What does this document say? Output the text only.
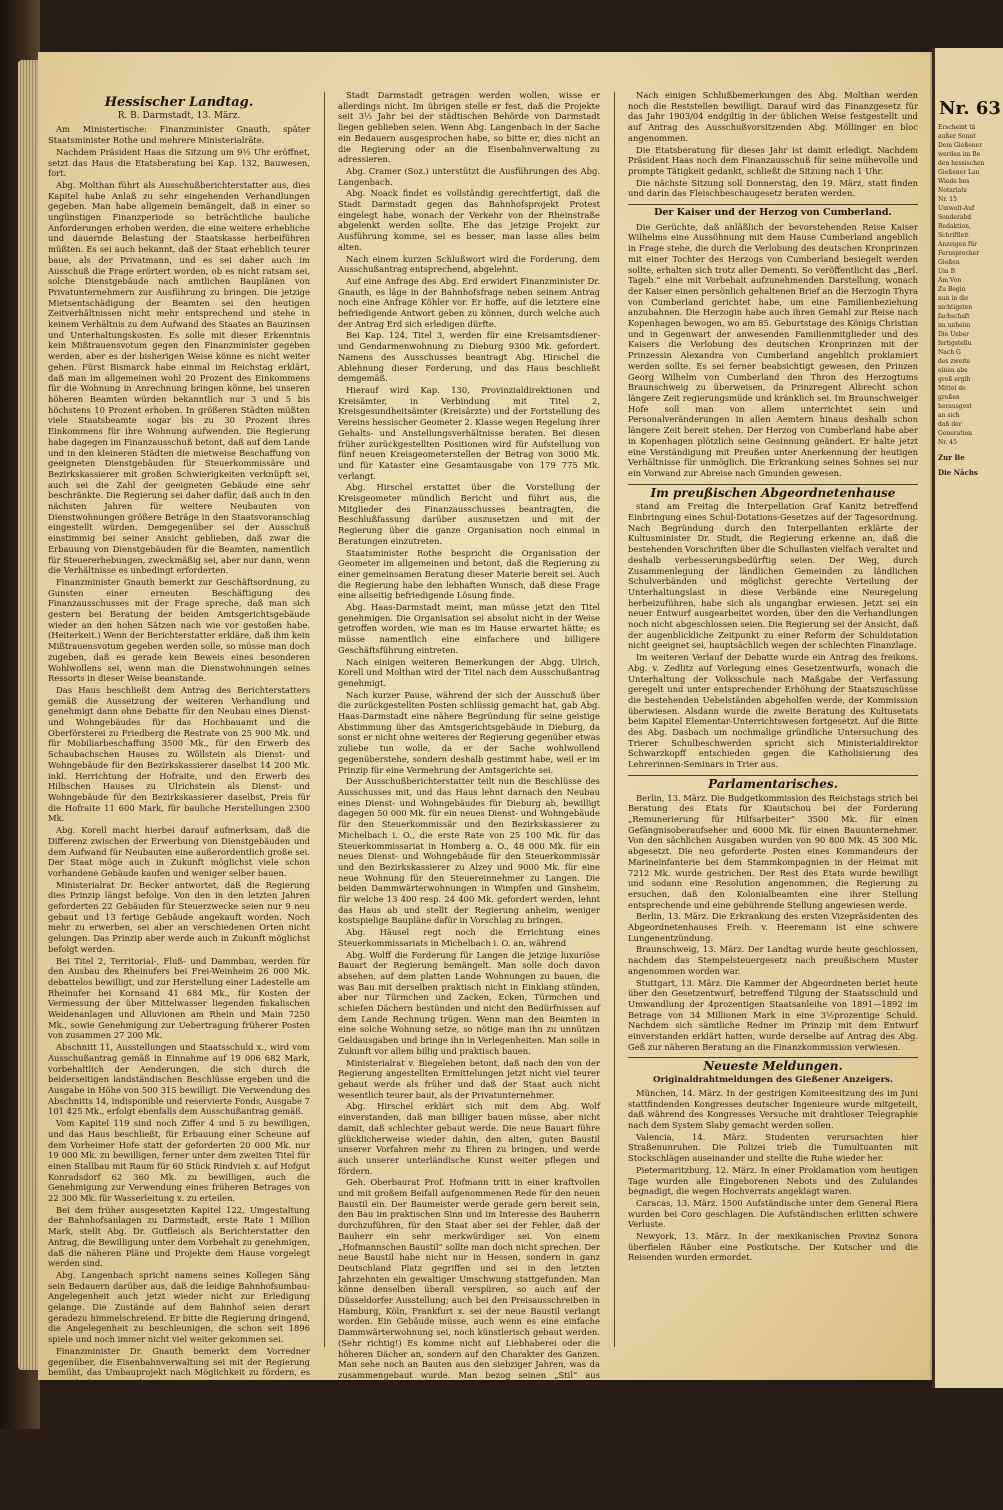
Hessischer Landtag.
R. B. Darmstadt, 13. März.

Am Ministertische: Finanzminister Gnauth, später Staatsminister Rothe und mehrere Ministerialräte.

Nachdem Präsident Haas die Sitzung um 9½ Uhr eröffnet, setzt das Haus die Etatsberatung bei Kap. 132, Bauwesen, fort.

Abg. Molthan führt als Ausschußberichterstatter aus, dies Kapitel habe Anlaß zu sehr eingehenden Verhandlungen gegeben. Man habe allgemein bemängelt, daß in einer so ungünstigen Finanzperiode so beträchtliche bauliche Anforderungen erhoben werden, die eine weitere erhebliche und dauernde Belastung der Staatskasse herbeiführen müßten. Es sei auch bekannt, daß der Staat erheblich teurer baue, als der Privatmann, und es sei daher auch im Ausschuß die Frage erörtert worden, ob es nicht ratsam sei, solche Dienstgebäude nach amtlichen Bauplänen von Privatunternehmern zur Ausführung zu bringen. Die jetzige Mietsentschädigung der Beamten sei den heutigen Zeitverhältnissen nicht mehr entsprechend und stehe in keinem Verhältnis zu dem Aufwand des Staates an Bauzinsen und Unterhaltungskosten. Es solle mit dieser Erkenntnis kein Mißtrauensvotum gegen den Finanzminister gegeben werden, aber es der bisherigen Weise könne es nicht weiter gehen. Fürst Bismarck habe einmal im Reichstag erklärt, daß man im allgemeinen wohl 20 Prozent des Einkommens für die Wohnung in Anrechnung bringen könne, bei unseren höheren Beamten würden bekanntlich nur 3 und 5 bis höchstens 10 Prozent erhoben. In größeren Städten müßten viele Staatsbeamte sogar bis zu 30 Prozent ihres Einkommens für ihre Wohnung aufwenden. Die Regierung habe dagegen im Finanzausschuß betont, daß auf dem Lande und in den kleineren Städten die mietweise Beschaffung von geeigneten Dienstgebäuden für Steuerkommissäre und Bezirkskassierer mit großen Schwierigkeiten verknüpft sei, auch sei die Zahl der geeigneten Gebäude eine sehr beschränkte. Die Regierung sei daher dafür, daß auch in den nächsten Jahren für weitere Neubauten von Dienstwohnungen größere Beträge in den Staatsvoranschlag eingestellt würden. Demgegenüber sei der Ausschuß einstimmig bei seiner Ansicht geblieben, daß zwar die Erbauung von Dienstgebäuden für die Beamten, namentlich für Steuererhebungen, zweckmäßig sei, aber nur dann, wenn die Verhältnisse es unbedingt erforderten.

Finanzminister Gnauth bemerkt zur Geschäftsordnung, zu Gunsten einer erneuten Beschäftigung des Finanzausschusses mit der Frage spreche, daß man sich gestern bei Beratung der beiden Amtsgerichtsgebäude wieder an den hohen Sätzen nach wie vor gestoßen habe. (Heiterkeit.) Wenn der Berichterstatter erkläre, daß ihm kein Mißtrauensvotum gegeben werden solle, so müsse man doch zugeben, daß es gerade kein Beweis eines besonderen Wohlwollens sei, wenn man die Dienstwohnungen seines Ressorts in dieser Weise beanstande.

Das Haus beschließt dem Antrag des Berichterstatters gemäß die Aussetzung der weiteren Verhandlung und genehmigt dann ohne Debatte für den Neubau eines Dienst- und Wohngebäudes für das Hochbauamt und die Oberförsterei zu Friedberg die Restrate von 25 900 Mk. und für Mobiliarbeschaffung 3500 Mk., für den Erwerb des Schaubachschen Hauses zu Wöllstein als Dienst- und Wohngebäude für den Bezirkskassierer daselbst 14 200 Mk. inkl. Herrichtung der Hofraite, und den Erwerb des Hilbschen Hauses zu Ulrichstein als Dienst- und Wohngebäude für den Bezirkskassierer daselbst, Preis für die Hofraite 11 600 Mark, für bauliche Herstellungen 2300 Mk.

Abg. Korell macht hierbei darauf aufmerksam, daß die Differenz zwischen der Erwerbung von Dienstgebäuden und dem Aufwand für Neubauten eine außerordentlich große sei. Der Staat möge auch in Zukunft möglichst viele schon vorhandene Gebäude kaufen und weniger selber bauen.

Ministerialrat Dr. Becker antwortet, daß die Regierung dies Prinzip längst befolge. Von den in den letzten Jahren geforderten 22 Gebäuden für Steuerzwecke seien nur 9 neu gebaut und 13 fertige Gebäude angekauft worden. Noch mehr zu erwerben, sei aber an verschiedenen Orten nicht gelungen. Das Prinzip aber werde auch in Zukunft möglichst befolgt werden.

Bei Titel 2, Territorial-, Fluß- und Dammbau, werden für den Ausbau des Rheinufers bei Frei-Weinheim 26 000 Mk. debattelos bewilligt, und zur Herstellung einer Ladestelle am Rheinufer bei Kornsand 41 684 Mk., für Kosten der Vermessung der über Mittelwasser liegenden fiskalischen Weidenanlagen und Alluvionen am Rhein und Main 7250 Mk., sowie Genehmigung zur Uebertragung früherer Posten von zusammen 27 200 Mk.

Abschnitt 11, Ausstellungen und Staatsschuld x., wird vom Ausschußantrag gemäß in Einnahme auf 19 006 682 Mark, vorbehaltlich der Aenderungen, die sich durch die beiderseitigen landständischen Beschlüsse ergeben und die Ausgabe in Höhe von 500 315 bewilligt. Die Verwendung des Abschnitts 14, indisponible und reservierte Fonds, Ausgabe 7 101 425 Mk., erfolgt ebenfalls dem Ausschußantrag gemäß.

Vom Kapitel 119 sind noch Ziffer 4 und 5 zu bewilligen, und das Haus beschließt, für Erbauung einer Scheune auf dem Vorheimer Hofe statt der geforderten 20 000 Mk. nur 19 000 Mk. zu bewilligen, ferner unter dem zweiten Titel für einen Stallbau mit Raum für 60 Stück Rindvieh x. auf Hofgut Konradsdorf 62 360 Mk. zu bewilligen, auch die Genehmigung zur Verwendung eines früheren Betrages von 22 300 Mk. für Wasserleitung x. zu erteilen.

Bei dem früher ausgesetzten Kapitel 122, Umgestaltung der Bahnhofsanlagen zu Darmstadt, erste Rate 1 Million Mark, stellt Abg. Dr. Gutfleisch als Berichterstatter den Antrag, die Bewilligung unter dem Vorbehalt zu genehmigen, daß die näheren Pläne und Projekte dem Hause vorgelegt werden sind.

Abg. Langenbach spricht namens seines Kollegen Säng sein Bedauern darüber aus, daß die leidige Bahnhofsumbau-Angelegenheit auch jetzt wieder nicht zur Erledigung gelange. Die Zustände auf dem Bahnhof seien derart geradezu himmelschreiend. Er bitte die Regierung dringend, die Angelegenheit zu beschleunigen, die schon seit 1896 spiele und noch immer nicht viel weiter gekommen sei.

Finanzminister Dr. Gnauth bemerkt dem Vorredner gegenüber, die Eisenbahnverwaltung sei mit der Regierung bemüht, das Umbauprojekt nach Möglichkeit zu fördern, es sei jedoch in Aussicht genommen, man eine Erweiterung vorzunehmen, durch die sich die Gesamtkosten von 10 auf 19 Millionen erhöhen würden; ob die Mehrkosten von der

Stadt Darmstadt getragen werden wollen, wisse er allerdings nicht. Im übrigen stelle er fest, daß die Projekte seit 3½ Jahr bei der städtischen Behörde von Darmstadt liegen geblieben seien. Wenn Abg. Langenbach in der Sache ein Bedauern ausgesprochen habe, so bitte er, dies nicht an die Regierung oder an die Eisenbahnverwaltung zu adressieren.

Abg. Cramer (Soz.) unterstützt die Ausführungen des Abg. Langenbach.

Abg. Noack findet es vollständig gerechtfertigt, daß die Stadt Darmstadt gegen das Bahnhofsprojekt Protest eingelegt habe, wonach der Verkehr von der Rheinstraße abgelenkt werden sollte. Ehe das jetzige Projekt zur Ausführung komme, sei es besser, man lasse alles beim alten.

Nach einem kurzen Schlußwort wird die Forderung, dem Ausschußantrag entsprechend, abgelehnt.

Auf eine Anfrage des Abg. Erd erwidert Finanzminister Dr. Gnauth, es läge in der Bahnhofsfrage neben seinem Antrag noch eine Anfrage Köhler vor. Er hoffe, auf die letztere eine befriedigende Antwort geben zu können, durch welche auch der Antrag Erd sich erledigen dürfte.

Bei Kap. 124, Titel 3, werden für eine Kreisamtsdiener- und Gendarmenwohnung zu Dieburg 9300 Mk. gefordert. Namens des Ausschusses beantragt Abg. Hirschel die Ablehnung dieser Forderung, und das Haus beschließt demgemäß.

Hierauf wird Kap. 130, Provinzialdirektionen und Kreisämter, in Verbindung mit Titel 2, Kreisgesundheitsämter (Kreisärzte) und der Fortstellung des Vereins hessischer Geometer 2. Klasse wegen Regelung ihrer Gehalts- und Anstellungsverhältnisse beraten. Bei diesen früher zurückgestellten Positionen wird für Aufstellung von fünf neuen Kreisgeometerstellen der Betrag von 3000 Mk. und für Kataster eine Gesamtausgabe von 179 775 Mk. verlangt.

Abg. Hirschel erstattet über die Vorstellung der Kreisgeometer mündlich Bericht und führt aus, die Mitglieder des Finanzausschusses beantragten, die Beschlußfassung darüber auszusetzen und mit der Regierung über die ganze Organisation noch einmal in Beratungen einzutreten.

Staatsminister Rothe bespricht die Organisation der Geometer im allgemeinen und betont, daß die Regierung zu einer gemeinsamen Beratung dieser Materie bereit sei. Auch die Regierung habe den lebhaften Wunsch, daß diese Frage eine allseitig befriedigende Lösung finde.

Abg. Haas-Darmstadt meint, man müsse jetzt den Titel genehmigen. Die Organisation sei absolut nicht in der Weise getroffen worden, wie man es im Hause erwartet hätte; es müsse namentlich eine einfachere und billigere Geschäftsführung eintreten.

Nach einigen weiteren Bemerkungen der Abgg. Ulrich, Korell und Molthan wird der Titel nach dem Ausschußantrag genehmigt.

Nach kurzer Pause, während der sich der Ausschuß über die zurückgestellten Posten schlüssig gemacht hat, gab Abg. Haas-Darmstadt eine nähere Begründung für seine geistige Abstimmung über das Amtsgerichtsgebäude in Dieburg, da sonst er nicht ohne weiteres der Regierung gegenüber etwas zuliebe tun wolle, da er der Sache wohlwollend gegenüberstehe, sondern deshalb gestimmt habe, weil er im Prinzip für eine Vermehrung der Amtsgerichte sei.

Der Ausschußberichterstatter teilt nun die Beschlüsse des Ausschusses mit, und das Haus lehnt darnach den Neubau eines Dienst- und Wohngebäudes für Dieburg ab, bewilligt dagegen 50 000 Mk. für ein neues Dienst- und Wohngebäude für den Steuerkommissär und den Bezirkskassierer zu Michelbach i. O., die erste Rate von 25 100 Mk. für das Steuerkommissariat in Homberg a. O., 48 000 Mk. für ein neues Dienst- und Wohngebäude für den Steuerkommissär und den Bezirkskassierer zu Alzey und 9000 Mk. für eine neue Wohnung für den Steuereinnehmer zu Langen. Die beiden Dammwärterwohnungen in Wimpfen und Ginsheim, für welche 13 400 resp. 24 400 Mk. gefordert werden, lehnt das Haus ab und stellt der Regierung anheim, weniger kostspielige Baupläne dafür in Vorschlag zu bringen.

Abg. Häusel regt noch die Errichtung eines Steuerkommissariats in Michelbach i. O. an, während

Abg. Wolff die Forderung für Langen die jetzige luxuriöse Bauart der Regierung bemängelt. Man solle doch davon absehen, auf dem platten Lande Wohnungen zu bauen, die was Bau mit derselben praktisch nicht in Einklang stünden, aber nur Türmchen und Zacken, Ecken, Türmchen und schiefen Dächern bestünden und nicht den Bedürfnissen auf dem Lande Rechnung trügen. Wenn man den Beamten in eine solche Wohnung setze, so nötige man ihn zu unnützen Geldausgaben und bringe ihn in Verlegenheiten. Man solle in Zukunft vor allem billig und praktisch bauen.

Ministerialrat v. Biegeleben betont, daß nach den von der Regierung angestellten Ermittelungen jetzt nicht viel teurer gebaut werde als früher und daß der Staat auch nicht wesentlich teurer baut, als der Privatunternehmer.

Abg. Hirschel erklärt sich mit dem Abg. Wolf einverstanden, daß man billiger bauen müsse, aber nicht damit, daß schlechter gebaut werde. Die neue Bauart führe glücklicherweise wieder dahin, den alten, guten Baustil unserer Vorfahren mehr zu Ehren zu bringen, und werde auch unserer unterländische Kunst weiter pflegen und fördern.

Geh. Oberbaurat Prof. Hofmann tritt in einer kraftvollen und mit großem Beifall aufgenommenen Rede für den neuen Baustil ein. Der Baumeister werde gerade gern bereit sein, den Bau im praktischen Sinn und im Interesse des Bauherrn durchzuführen, für den Staat aber sei der Fehler, daß der Bauherr ein sehr merkwürdiger sei. Von einem „Hofmannschen Baustil“ sollte man doch nicht sprechen. Der neue Baustil habe nicht nur in Hessen, sondern in ganz Deutschland Platz gegriffen und sei in den letzten Jahrzehnten ein gewaltiger Umschwung stattgefunden. Man könne denselben überall verspüren, so auch auf der Düsseldorfer Ausstellung; auch bei den Preisausschreiben in Hamburg, Köln, Frankfurt x. sei der neue Baustil verlangt worden. Ein Gebäude müsse, auch wenn es eine einfache Dammwärterwohnung sei, noch künstlerisch gebaut werden. (Sehr richtig!) Es komme nicht auf Liebhaberei oder die höheren Dächer an, sondern auf den Charakter des Ganzen. Man sehe noch an Bauten aus den siebziger Jahren, was da zusammengebaut wurde. Man bezog seinen „Stil“ aus Italien, man hatte die Citronen Italiens mit den deutschen Aepfeln eingetauscht. (Große Heiterkeit.) Der Abg. Hirschel sei er dankbar, daß dieser die heimatliche Kunstpflege betont habe. Die Militär- und Garnisonverwaltungen würden gewiß nicht denselben Weg gehen, wie wir, wenn er nicht auch praktisch und zweckmäßig wäre.

Präsident Haas bemerkt, die Ausführungen des Vorredners seien so interessant gewesen, daß er ihn nicht „zur Sache“ habe mahnen wollen. Mit der Wohnung des Steueraufsehers zu Langen aber hingen sie wohl nicht zusammen; der Mann werde gewiß froh darauf sein, daß seine Wohnung dazu den Anlaß gab.

Nach einigen Schlußbemerkungen des Abg. Molthan werden noch die Reststellen bewilligt. Darauf wird das Finanzgesetz für das Jahr 1903/04 endgiltig in der üblichen Weise festgestellt und auf Antrag des Ausschußvorsitzenden Abg. Möllinger en bloc angenommen.

Die Etatsberatung für dieses Jahr ist damit erledigt. Nachdem Präsident Haas noch dem Finanzausschuß für seine mühevolle und prompte Tätigkeit gedankt, schließt die Sitzung nach 1 Uhr.

Die nächste Sitzung soll Donnerstag, den 19. März, statt finden und darin das Fleischbeschaugesetz beraten werden.

Der Kaiser und der Herzog von Cumberland.

Die Gerüchte, daß anläßlich der bevorstehenden Reise Kaiser Wilhelms eine Aussöhnung mit dem Hause Cumberland angeblich in Frage stehe, die durch die Verlobung des deutschen Kronprinzen mit einer Tochter des Herzogs von Cumberland besiegelt werden sollte, erhalten sich trotz aller Dementi. So veröffentlicht das „Berl. Tageb.“ eine mit Vorbehalt aufzunehmenden Darstellung, wonach der Kaiser einen persönlich gehaltenen Brief an die Herzogin Thyra von Cumberland gerichtet habe, um eine Familienbeziehung anzubahnen. Die Herzogin habe auch ihren Gemahl zur Reise nach Kopenhagen bewogen, wo am 85. Geburtstage des Königs Christian und in Gegenwart der anwesenden Familienmitglieder und des Kaisers die Verlobung des deutschen Kronprinzen mit der Prinzessin Alexandra von Cumberland angeblich proklamiert werden sollte. Es sei ferner beabsichtigt gewesen, den Prinzen Georg Wilhelm von Cumberland den Thron des Herzogtums Braunschweig zu überweisen, da Prinzregent Albrecht schon längere Zeit regierungsmüde und kränklich sei. Im Braunschweiger Hofe soll man von allem unterrichtet sein und Personalveränderungen in allen Aemtern hinaus deshalb schon längere Zeit bereit stehen. Der Herzog von Cumberland habe aber in Kopenhagen plötzlich seine Gesinnung geändert. Er halte jetzt eine Verständigung mit Preußen unter Anerkennung der heutigen Verhältnisse für unmöglich. Die Erkrankung seines Sohnes sei nur ein Vorwand zur Abreise nach Gmunden gewesen.

Im preußischen Abgeordnetenhause

stand am Freitag die Interpellation Graf Kanitz betreffend Einbringung eines Schul-Dotations-Gesetzes auf der Tagesordnung. Nach Begründung durch den Interpellanten erklärte der Kultusminister Dr. Studt, die Regierung erkenne an, daß die bestehenden Vorschriften über die Schullasten vielfach veraltet und deshalb verbesserungsbedürftig seien. Der Weg, durch Zusammenlegung der ländlichen Gemeinden zu ländlichen Schulverbänden und möglichst gerechte Verteilung der Unterhaltungslast in diese Verbände eine Neuregelung herbeizuführen, habe sich als ungangbar erwiesen. Jetzt sei ein neuer Entwurf ausgearbeitet worden, über den die Verhandlungen noch nicht abgeschlossen seien. Die Regierung sei der Ansicht, daß der augenblickliche Zeitpunkt zu einer Reform der Schuldotation nicht geeignet sei, hauptsächlich wegen der schlechten Finanzlage.

Im weiteren Verlauf der Debatte wurde ein Antrag des freikons. Abg. v. Zedlitz auf Vorlegung eines Gesetzentwurfs, wonach die Unterhaltung der Volksschule nach Maßgabe der Verfassung geregelt und unter entsprechender Erhöhung der Staatszuschüsse die bestehenden Uebelständen abgeholfen werde, der Kommission überwiesen. Alsdann wurde die zweite Beratung des Kultusetats beim Kapitel Elementar-Unterrichtswesen fortgesetzt. Auf die Bitte des Abg. Dasbach um nochmalige gründliche Untersuchung des Trierer Schulbeschwerden spricht sich Ministerialdirektor Schwarzkopff entschieden gegen die Katholisierung des Lehrerinnen-Seminars in Trier aus.

Parlamentarisches.

Berlin, 13. März. Die Budgetkommission des Reichstags strich bei Beratung des Etats für Kiautschou bei der Forderung „Remunerierung für Hilfsarbeiter“ 3500 Mk. für einen Gefängnisoberaufseher und 6000 Mk. für einen Bauunternehmer. Von den sächlichen Ausgaben wurden von 90 800 Mk. 45 300 Mk. abgesetzt. Die neu geforderte Posten eines Kommandeurs der Marineinfanterie bei dem Stammkompagnien in der Heimat mit 7212 Mk. wurde gestrichen. Der Rest des Etats wurde bewilligt und sodann eine Resolution angenommen, die Regierung zu ersuchen, daß den Kolonialbeamten eine ihrer Stellung entsprechende und eine gebührende Stellung angewiesen werde.

Berlin, 13. März. Die Erkrankung des ersten Vizepräsidenten des Abgeordnetenhauses Freih. v. Heeremann ist eine schwere Lungenentzündung.

Braunschweig, 13. März. Der Landtag wurde heute geschlossen, nachdem das Stempelsteuergesetz nach preußischem Muster angenommen worden war.

Stuttgart, 13. März. Die Kammer der Abgeordneten beriet heute über den Gesetzentwurf, betreffend Tilgung der Staatsschuld und Umwandlung der 4prozentigen Staatsanleihe von 1891—1892 im Betrage von 34 Millionen Mark in eine 3½prozentige Schuld. Nachdem sich sämtliche Redner im Prinzip mit dem Entwurf einverstanden erklärt hatten, wurde derselbe auf Antrag des Abg. Geß zur näheren Beratung an die Finanzkommission verwiesen.

Neueste Meldungen.
Originaldrahtmeldungen des Gießener Anzeigers.

München, 14. März. In der gestrigen Komiteesitzung des im Juni stattfindenden Kongresses deutscher Ingenieure wurde mitgeteilt, daß während des Kongresses Versuche mit drahtloser Telegraphie nach dem System Slaby gemacht werden sollen.

Valencia, 14. März. Studenten verursachten hier Straßenunruhen. Die Polizei trieb die Tumultuanten mit Stockschlägen auseinander und stellte die Ruhe wieder her.

Pietermaritzburg, 12. März. In einer Proklamation vom heutigen Tage wurden alle Eingeborenen Nebots und des Zululandes begnadigt, die wegen Hochverrats angeklagt waren.

Caracas, 13. März. 1500 Aufständische unter dem General Riera wurden bei Coro geschlagen. Die Aufständischen erlitten schwere Verluste.

Newyork, 13. März. In der mexikanischen Provinz Sonora überfielen Räuber eine Postkutsche. Der Kutscher und die Reisenden wurden ermordet.

Nr. 63
Erscheint tä
außer Sonnt
Dem Gießener
werden im Be
den hessischen
Gießener Lan
Wiede bes
Notariats
Nr. 15
Umwelt-Auf
Sonderabd
Redaktion,
Schriftleit
Anzeigen für
Fernsprecher
Gießen
Um B
Am Von
Zu Begin
nun in die
nichtigsten
fachschaft
im unheim
Die Ueber
fertigstellu
Nach G
des zweite
einen abe
groß ergib
Mittel de
großen
herausgest
an sich
daß der
Generation
Nr. 45
Zur Be
Die Nächs
